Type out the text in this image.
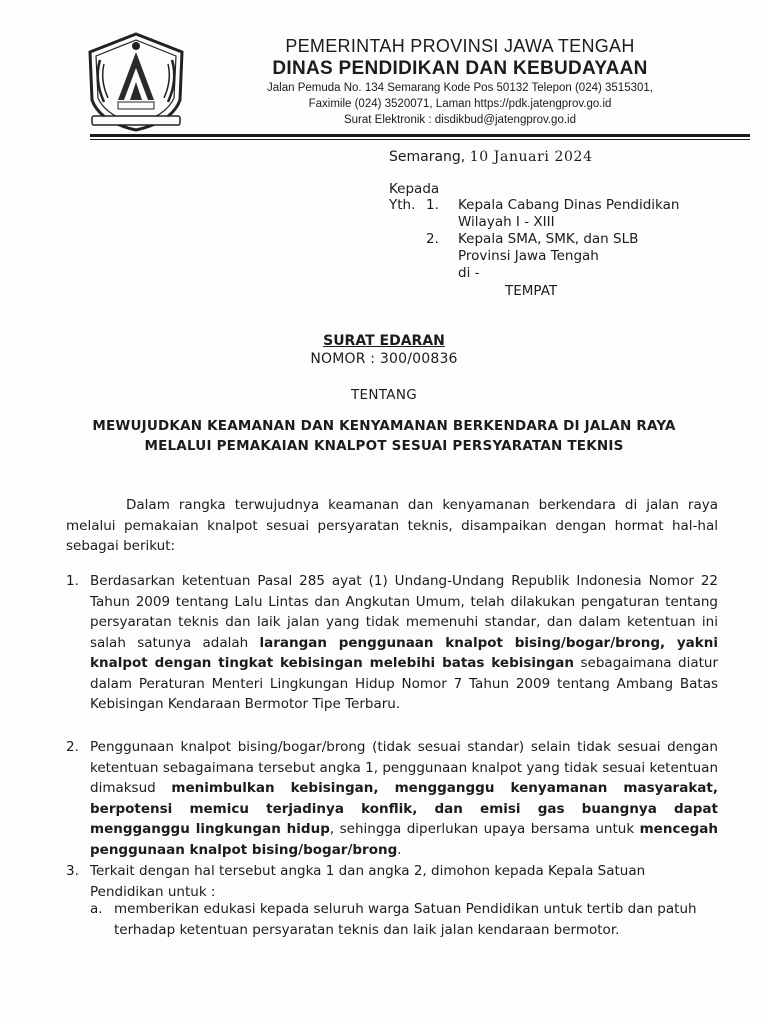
PEMERINTAH PROVINSI JAWA TENGAH
DINAS PENDIDIKAN DAN KEBUDAYAAN
Jalan Pemuda No. 134 Semarang Kode Pos 50132 Telepon (024) 3515301,
Faximile (024) 3520071, Laman https://pdk.jatengprov.go.id
Surat Elektronik : disdikbud@jatengprov.go.id
Semarang, 10 Januari 2024
Kepada
Yth. 1. Kepala Cabang Dinas Pendidikan
Wilayah I - XIII
2. Kepala SMA, SMK, dan SLB
Provinsi Jawa Tengah
di -
TEMPAT
SURAT EDARAN
NOMOR : 300/00836
TENTANG
MEWUJUDKAN KEAMANAN DAN KENYAMANAN BERKENDARA DI JALAN RAYA
MELALUI PEMAKAIAN KNALPOT SESUAI PERSYARATAN TEKNIS
Dalam rangka terwujudnya keamanan dan kenyamanan berkendara di jalan raya melalui pemakaian knalpot sesuai persyaratan teknis, disampaikan dengan hormat hal-hal sebagai berikut:
1. Berdasarkan ketentuan Pasal 285 ayat (1) Undang-Undang Republik Indonesia Nomor 22 Tahun 2009 tentang Lalu Lintas dan Angkutan Umum, telah dilakukan pengaturan tentang persyaratan teknis dan laik jalan yang tidak memenuhi standar, dan dalam ketentuan ini salah satunya adalah larangan penggunaan knalpot bising/bogar/brong, yakni knalpot dengan tingkat kebisingan melebihi batas kebisingan sebagaimana diatur dalam Peraturan Menteri Lingkungan Hidup Nomor 7 Tahun 2009 tentang Ambang Batas Kebisingan Kendaraan Bermotor Tipe Terbaru.
2. Penggunaan knalpot bising/bogar/brong (tidak sesuai standar) selain tidak sesuai dengan ketentuan sebagaimana tersebut angka 1, penggunaan knalpot yang tidak sesuai ketentuan dimaksud menimbulkan kebisingan, mengganggu kenyamanan masyarakat, berpotensi memicu terjadinya konflik, dan emisi gas buangnya dapat mengganggu lingkungan hidup, sehingga diperlukan upaya bersama untuk mencegah penggunaan knalpot bising/bogar/brong.
3. Terkait dengan hal tersebut angka 1 dan angka 2, dimohon kepada Kepala Satuan Pendidikan untuk :
a. memberikan edukasi kepada seluruh warga Satuan Pendidikan untuk tertib dan patuh terhadap ketentuan persyaratan teknis dan laik jalan kendaraan bermotor.
